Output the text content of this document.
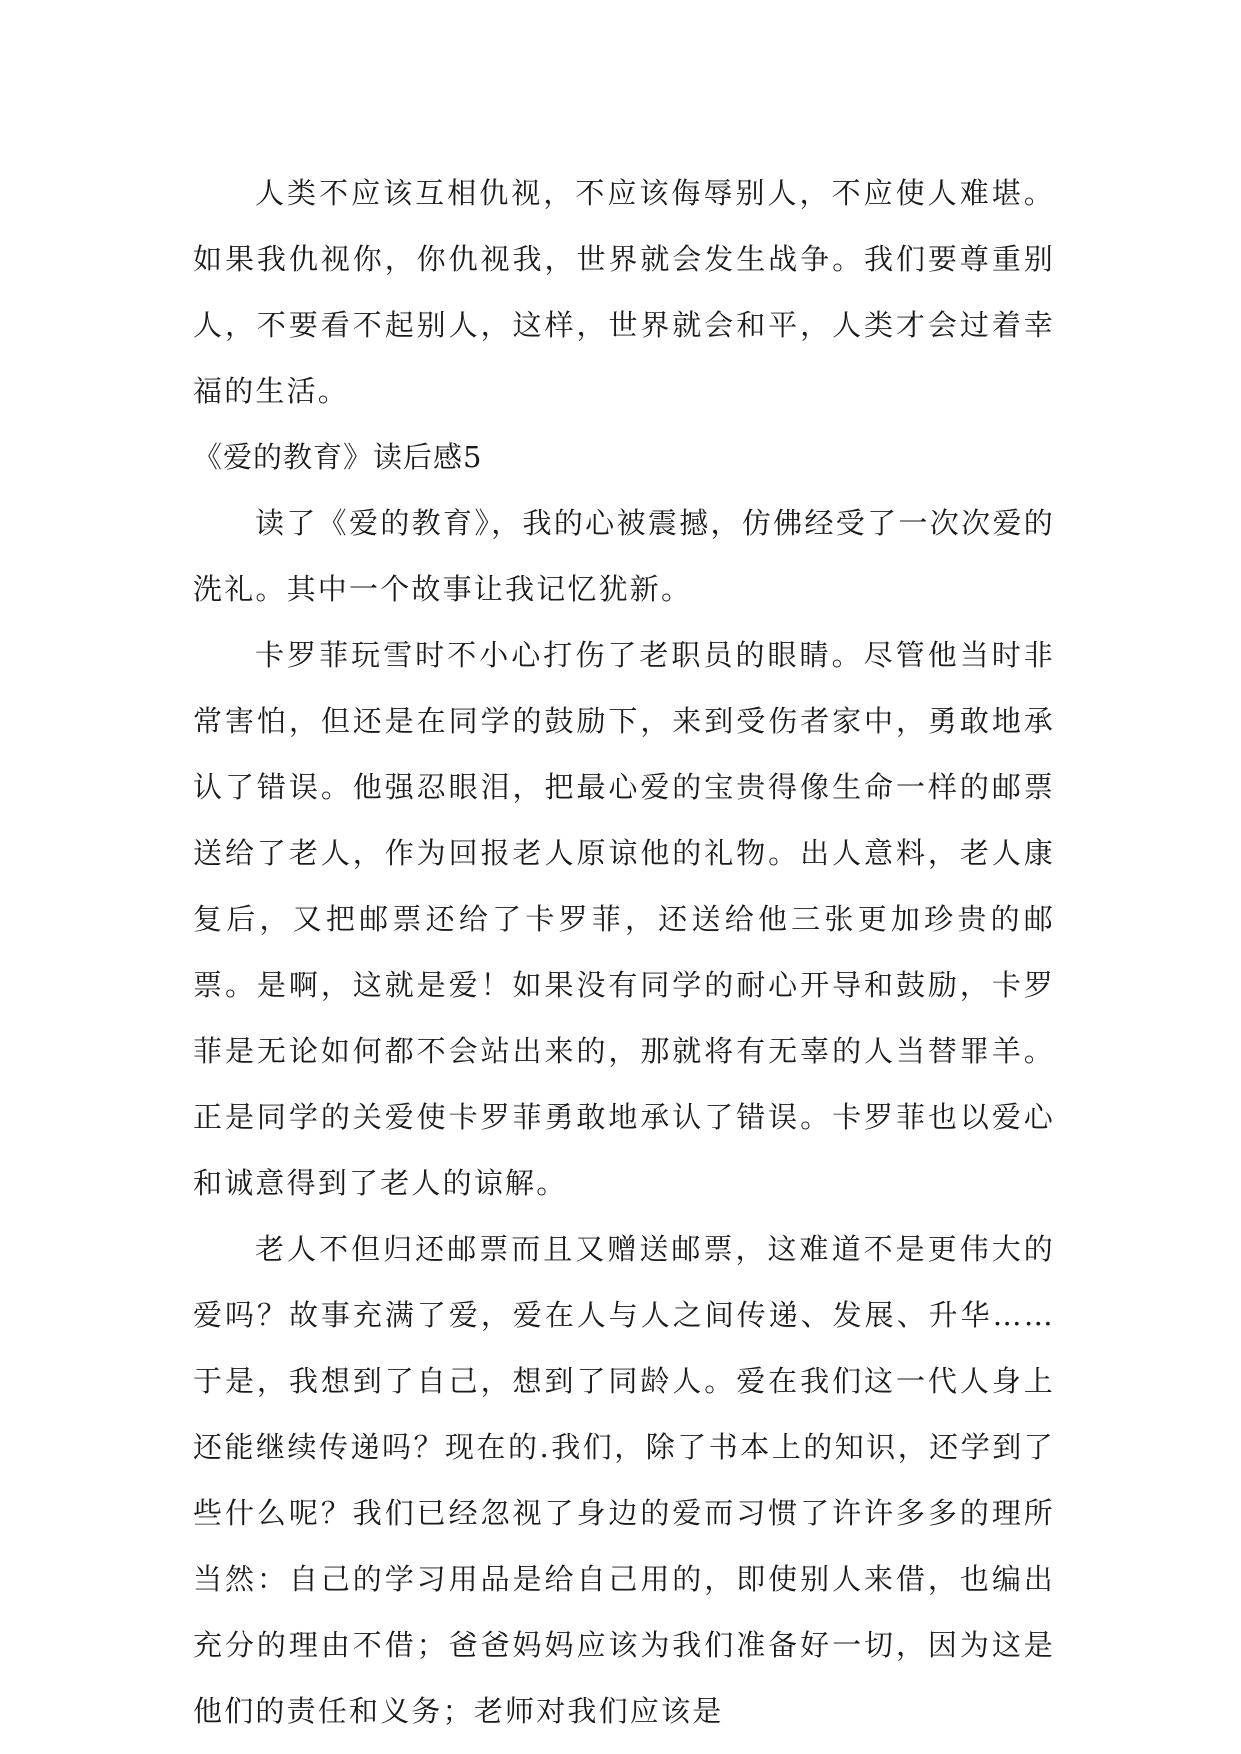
人类不应该互相仇视，不应该侮辱别人，不应使人难堪。如果我仇视你，你仇视我，世界就会发生战争。我们要尊重别人，不要看不起别人，这样，世界就会和平，人类才会过着幸福的生活。

《爱的教育》读后感5

读了《爱的教育》，我的心被震撼，仿佛经受了一次次爱的洗礼。其中一个故事让我记忆犹新。

卡罗菲玩雪时不小心打伤了老职员的眼睛。尽管他当时非常害怕，但还是在同学的鼓励下，来到受伤者家中，勇敢地承认了错误。他强忍眼泪，把最心爱的宝贵得像生命一样的邮票送给了老人，作为回报老人原谅他的礼物。出人意料，老人康复后，又把邮票还给了卡罗菲，还送给他三张更加珍贵的邮票。是啊，这就是爱！如果没有同学的耐心开导和鼓励，卡罗菲是无论如何都不会站出来的，那就将有无辜的人当替罪羊。正是同学的关爱使卡罗菲勇敢地承认了错误。卡罗菲也以爱心和诚意得到了老人的谅解。

老人不但归还邮票而且又赠送邮票，这难道不是更伟大的爱吗？故事充满了爱，爱在人与人之间传递、发展、升华……于是，我想到了自己，想到了同龄人。爱在我们这一代人身上还能继续传递吗？现在的.我们，除了书本上的知识，还学到了些什么呢？我们已经忽视了身边的爱而习惯了许许多多的理所当然：自己的学习用品是给自己用的，即使别人来借，也编出充分的理由不借；爸爸妈妈应该为我们准备好一切，因为这是他们的责任和义务；老师对我们应该是
